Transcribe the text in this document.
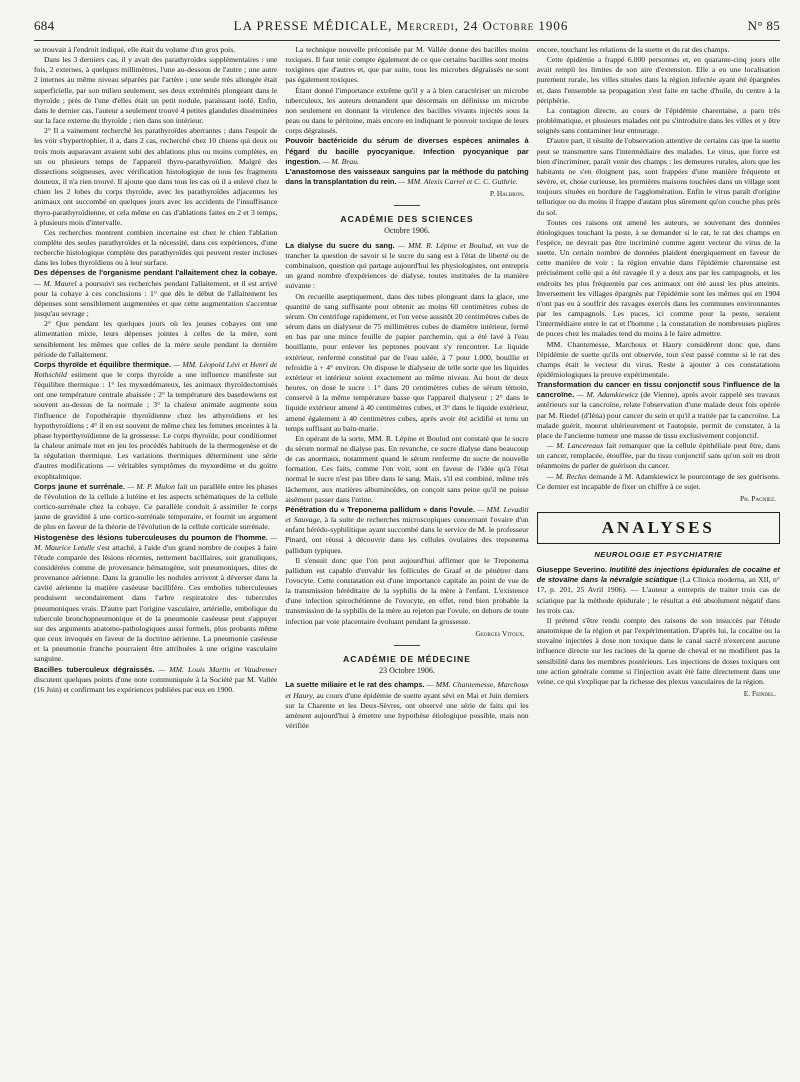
684	LA PRESSE MÉDICALE, Mercredi, 24 Octobre 1906	N° 85

se trouvait à l'endroit indiqué, elle était du volume d'un gros pois.

Dans les 3 derniers cas, il y avait des parathyroïdes supplémentaires : une fois, 2 externes, à quelques millimètres, l'une au-dessous de l'autre ; une autre 2 internes au même niveau séparées par l'artère ; une seule très allongée était superficielle, par son milieu seulement, ses deux extrémités plongeant dans le thyroïde ; près de l'une d'elles était un petit nodule, paraissant isolé. Enfin, dans le dernier cas, l'auteur a seulement trouvé 4 petites glandules disséminées sur la face externe du thyroïde ; rien dans son intérieur.

2° Il a vainement recherché les parathyroïdes aberrantes ; dans l'espoir de les voir s'hypertrophier, il a, dans 2 cas, recherché chez 10 chiens qui deux ou trois mois auparavant avaient subi des ablations plus ou moins complètes, en un ou plusieurs temps de l'appareil thyro-parathyroïdien. Malgré des dissections soigneuses, avec vérification histologique de tous les fragments douteux, il n'a rien trouvé. Il ajoute que dans tous les cas où il a enlevé chez le chien les 2 lobes du corps thyroïde, avec les parathyroïdes adjacentes les animaux ont succombé en quelques jours avec les accidents de l'insuffisance thyro-parathyroïdienne, et cela même en cas d'ablations faites en 2 et 3 temps, à plusieurs mois d'intervalle.

Ces recherches montrent combien incertaine est chez le chien l'ablation complète des seules parathyroïdes et la nécessité, dans ces expériences, d'une recherche histologique complète des parathyroïdes qui peuvent rester incluses dans les lobes thyroïdiens ou à leur surface.

Des dépenses de l'organisme pendant l'allaitement chez la cobaye. — M. Maurel a poursuivi ses recherches pendant l'allaitement, et il est arrivé pour la cobaye à ces conclusions : 1° que dès le début de l'allaitement les dépenses sont sensiblement augmentées et que cette augmentation s'accentue jusqu'au sevrage ;

2° Que pendant les quelques jours où les jeunes cobayes ont une alimentation mixte, leurs dépenses jointes à celles de la mère, sont sensiblement les mêmes que celles de la mère seule pendant la dernière période de l'allaitement.

Corps thyroïde et équilibre thermique. — MM. Léopold Lévi et Henri de Rothschild estiment que le corps thyroïde a une influence manifeste sur l'équilibre thermique : 1° les myxœdémateux, les animaux thyroïdectomisés ont une température centrale abaissée ; 2° la température des basedowiens est souvent au-dessus de la normale ; 3° la chaleur animale augmente sous l'influence de l'opothérapie thyroïdienne chez les athyroïdiens et les hypothyroïdiens ; 4° il en est souvent de même chez les femmes enceintes à la phase hyperthyroïdienne de la grossesse. Le corps thyroïde, pour conditionner la chaleur animale met en jeu les procédés habituels de la thermogenèse et de la régulation thermique. Les variations thermiques déterminent une série d'autres modifications — véritables symptômes du myxœdème et du goitre exophtalmique.

Corps jaune et surrénale. — M. P. Mulon fait un parallèle entre les phases de l'évolution de la cellule à lutéine et les aspects schématiques de la cellule cortico-surrénale chez la cobaye. Ce parallèle conduit à assimiler le corps jaune de gravidité à une cortico-surrénale temporaire, et fournit un argument de plus en faveur de la théorie de l'évolution de la cellule corticale surrénale.

Histogenèse des lésions tuberculeuses du poumon de l'homme. — M. Maurice Letulle s'est attaché, à l'aide d'un grand nombre de coupes à faire l'étude comparée des lésions récentes, nettement bacillaires, soit granuliques, considérées comme de provenance hématogène, soit pneumoniques, dites de provenance aérienne. Dans la granulie les nodules arrivent à déverser dans la cavité aérienne la matière caséeuse bacillifère. Ces embolies tuberculeuses produisent secondairement dans l'arbre respiratoire des tubercules pneumoniques vrais. D'autre part l'origine vasculaire, artérielle, embolique du tubercule bronchopneumonique et de la pneumonie caséeuse peut s'appuyer sur des arguments anatomo-pathologiques aussi formels, plus probants même que ceux invoqués en faveur de la doctrine aérienne. La pneumonie caséeuse et la pneumonie franche pourraient être attribuées à une origine vasculaire sanguine.

Bacilles tuberculeux dégraissés. — MM. Louis Martin et Vaudremer discutent quelques points d'une note communiquée à la Société par M. Vallée (16 Juin) et confirmant les expériences publiées par eux en 1900.

La technique nouvelle préconisée par M. Vallée donne des bacilles moins toxiques. Il faut tenir compte également de ce que certains bacilles sont moins toxigènes que d'autres et, que par suite, tous les microbes dégraissés ne sont pas également toxiques.

Étant donné l'importance extrême qu'il y a à bien caractériser un microbe tuberculeux, les auteurs demandent que désormais on définisse un microbe non seulement en donnant la virulence des bacilles vivants injectés sous la peau ou dans le péritoine, mais encore en indiquant le pouvoir toxique de leurs corps dégraissés.

Pouvoir bactéricide du sérum de diverses espèces animales à l'égard du bacille pyocyanique. Infection pyocyanique par ingestion. — M. Brau.

L'anastomose des vaisseaux sanguins par la méthode du patching dans la transplantation du rein. — MM. Alexis Carrel et C. C. Guthrie.

P. Halbron.
ACADÉMIE DES SCIENCES
Octobre 1906.

La dialyse du sucre du sang. — MM. R. Lépine et Boulud, en vue de trancher la question de savoir si le sucre du sang est à l'état de liberté ou de combinaison, question qui partage aujourd'hui les physiologistes, ont entrepris un grand nombre d'expériences de dialyse, toutes instituées de la manière suivante :

On recueille aseptiquement, dans des tubes plongeant dans la glace, une quantité de sang suffisante pour obtenir au moins 60 centimètres cubes de sérum. On centrifuge rapidement, et l'on verse aussitôt 20 centimètres cubes de sérum dans un dialyseur de 75 millimètres cubes de diamètre intérieur, fermé en bas par une mince feuille de papier parchemin, qui a été lavé à l'eau bouillante, pour enlever les peptones pouvant s'y rencontrer. Le liquide extérieur, renfermé constitué par de l'eau salée, à 7 pour 1.000, bouillie et refroidie à + 4° environ. On dispose le dialyseur de telle sorte que les liquides extérieur et intérieur soient exactement au même niveau. Au bout de deux heures, on dose le sucre : 1° dans 20 centimètres cubes de sérum témoin, conservé à la même température basse que l'appareil dialyseur ; 2° dans le liquide extérieur amené à 40 centimètres cubes, et 3° dans le liquide extérieur, amené également à 40 centimètres cubes, après avoir été acidifié et tenu un temps suffisant au bain-marie.

En opérant de la sorte, MM. R. Lépine et Boulud ont constaté que le sucre du sérum normal ne dialyse pas. En revanche, ce sucre dialyse dans beaucoup de cas anormaux, notamment quand le sérum renferme du sucre de nouvelle formation. Ces faits, comme l'on voit, sont en faveur de l'idée qu'à l'état normal le sucre n'est pas libre dans le sang. Mais, s'il est combiné, même très lâchement, aux matières albuminoïdes, on conçoit sans peine qu'il ne puisse aisément passer dans l'urine.

Pénétration du « Treponema pallidum » dans l'ovule. — MM. Levaditi et Sauvage, à la suite de recherches microscopiques concernant l'ovaire d'un enfant hérédo-syphilitique ayant succombé dans le service de M. le professeur Pinard, ont réussi à découvrir dans les cellules ovulaires des treponema pallidum typiques.

Il s'ensuit donc que l'on peut aujourd'hui affirmer que le Treponema pallidum est capable d'envahir les follicules de Graaf et de pénétrer dans l'ovocyte. Cette constatation est d'une importance capitale au point de vue de la transmission héréditaire de la syphilis de la mère à l'enfant. L'existence d'une infection spirochétienne de l'ovocyte, en effet, rend bien probable la transmission de la syphilis de la mère au rejeton par l'ovule, en dehors de toute infection par voie placentaire évoluant pendant la grossesse.

Georges Vitoux.
ACADÉMIE DE MÉDECINE
23 Octobre 1906.

La suette miliaire et le rat des champs. — MM. Chantemesse, Marchoux et Haury, au cours d'une épidémie de suette ayant sévi en Mai et Juin derniers sur la Charente et les Deux-Sèvres, ont observé une série de faits qui les amènent aujourd'hui à émettre une hypothèse étiologique possible, mais non vérifiée

encore, touchant les relations de la suette et du rat des champs.

Cette épidémie a frappé 6.000 personnes et, en quarante-cinq jours elle avait rempli les limites de son aire d'extension. Elle a eu une localisation purement rurale, les villes situées dans la région infectée ayant été épargnées et, dans l'ensemble sa propagation s'est faite en tache d'huile, du centre à la périphérie.

La contagion directe, au cours de l'épidémie charentaise, a paru très problématique, et plusieurs malades ont pu s'introduire dans les villes et y être soignés sans contaminer leur entourage.

D'autre part, il résulte de l'observation attentive de certains cas que la suette peut se transmettre sans l'intermédiaire des malades. Le virus, que force est bien d'incriminer, paraît venir des champs : les demeures rurales, alors que les habitants ne s'en éloignent pas, sont frappées d'une manière fréquente et sévère, et, chose curieuse, les premières maisons touchées dans un village sont toujours situées en bordure de l'agglomération. Enfin le virus paraît d'origine tellurique ou du moins il frappe d'autant plus sûrement qu'on couche plus près du sol.

Toutes ces raisons ont amené les auteurs, se souvenant des données étiologiques touchant la peste, à se demander si le rat, le rat des champs en l'espèce, ne devrait pas être incriminé comme agent vecteur du virus de la suette. Un certain nombre de données plaident énergiquement en faveur de cette manière de voir : la région envahie dans l'épidémie charentaise est précisément celle qui a été ravagée il y a deux ans par les campagnols, et les endroits les plus fréquentés par ces animaux ont été aussi les plus atteints. Inversement les villages épargnés par l'épidémie sont les mêmes qui en 1904 n'ont pas eu à souffrir des ravages exercés dans les communes environnantes par les campagnols. Les puces, ici comme pour la peste, seraient l'intermédiaire entre le rat et l'homme ; la constatation de nombreuses piqûres de puces chez les malades tend du moins à le faire admettre.

MM. Chantemesse, Marchoux et Haury considèrent donc que, dans l'épidémie de suette qu'ils ont observée, tout s'est passé comme si le rat des champs était le vecteur du virus. Reste à ajouter à ces constatations épidémiologiques la preuve expérimentale.

Transformation du cancer en tissu conjonctif sous l'influence de la cancroïne. — M. Adamkiewicz (de Vienne), après avoir rappelé ses travaux antérieurs sur la cancroïne, relate l'observation d'une malade deux fois opérée par M. Riedel (d'Iéna) pour cancer du sein et qu'il a traitée par la cancroïne. La malade guérit, mourut ultérieurement et l'autopsie, permit de constater, à la place de l'ancienne tumeur une masse de tissu exclusivement conjonctif.

— M. Lancereaux fait remarquer que la cellule épithéliale peut être, dans un cancer, remplacée, étouffée, par du tissu conjonctif sans qu'on soit en droit néanmoins de parler de guérison du cancer.

— M. Reclus demande à M. Adamkiewicz le pourcentage de ses guérisons. Ce dernier est incapable de fixer un chiffre à ce sujet.

Ph. Pagniez.
ANALYSES
NEUROLOGIE ET PSYCHIATRIE

Giuseppe Severino. Inutilité des injections épidurales de cocaïne et de stovaïne dans la névralgie sciatique (La Clinica moderna, an XII, n° 17, p. 201, 25 Avril 1906). — L'auteur a entrepris de traiter trois cas de sciatique par la méthode épidurale ; le résultat a été absolument négatif dans les trois cas.

Il prétend s'être rendu compte des raisons de son insuccès par l'étude anatomique de la région et par l'expérimentation. D'après lui, la cocaïne ou la stovaïne injectées à dose non toxique dans le canal sacré n'exercent aucune influence directe sur les racines de la queue de cheval et ne modifient pas la sensibilité dans les membres postérieurs. Les injections de doses toxiques ont une action générale comme si l'injection avait été faite directement dans une veine, ce qui s'explique par la richesse des plexus vasculaires de la région.

E. Feindel.
